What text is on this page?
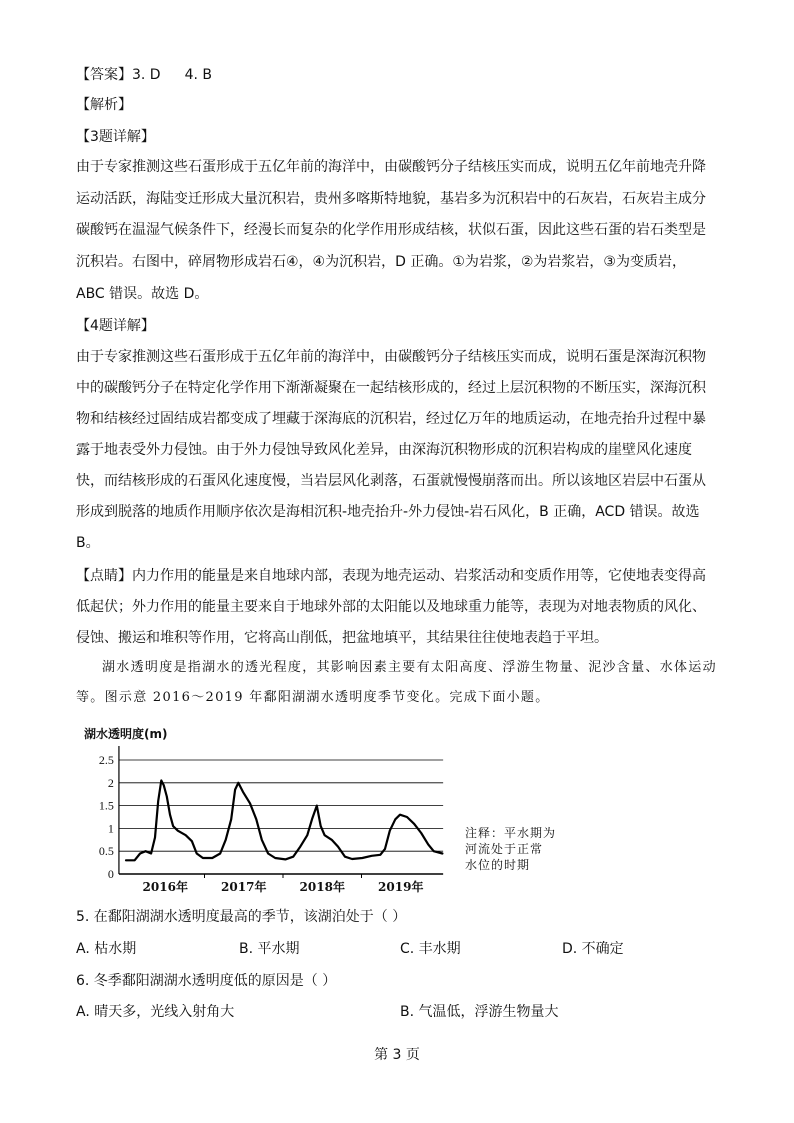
【答案】3. D 4. B
【解析】
【3题详解】
由于专家推测这些石蛋形成于五亿年前的海洋中，由碳酸钙分子结核压实而成，说明五亿年前地壳升降
运动活跃，海陆变迁形成大量沉积岩，贵州多喀斯特地貌，基岩多为沉积岩中的石灰岩，石灰岩主成分
碳酸钙在温湿气候条件下，经漫长而复杂的化学作用形成结核，状似石蛋，因此这些石蛋的岩石类型是
沉积岩。右图中，碎屑物形成岩石④，④为沉积岩，D 正确。①为岩浆，②为岩浆岩，③为变质岩，
ABC 错误。故选 D。
【4题详解】
由于专家推测这些石蛋形成于五亿年前的海洋中，由碳酸钙分子结核压实而成，说明石蛋是深海沉积物
中的碳酸钙分子在特定化学作用下渐渐凝聚在一起结核形成的，经过上层沉积物的不断压实，深海沉积
物和结核经过固结成岩都变成了埋藏于深海底的沉积岩，经过亿万年的地质运动，在地壳抬升过程中暴
露于地表受外力侵蚀。由于外力侵蚀导致风化差异，由深海沉积物形成的沉积岩构成的崖壁风化速度
快，而结核形成的石蛋风化速度慢，当岩层风化剥落，石蛋就慢慢崩落而出。所以该地区岩层中石蛋从
形成到脱落的地质作用顺序依次是海相沉积-地壳抬升-外力侵蚀-岩石风化，B 正确，ACD 错误。故选
B。
【点睛】内力作用的能量是来自地球内部，表现为地壳运动、岩浆活动和变质作用等，它使地表变得高
低起伏；外力作用的能量主要来自于地球外部的太阳能以及地球重力能等，表现为对地表物质的风化、
侵蚀、搬运和堆积等作用，它将高山削低，把盆地填平，其结果往往使地表趋于平坦。
湖水透明度是指湖水的透光程度，其影响因素主要有太阳高度、浮游生物量、泥沙含量、水体运动
等。图示意 2016～2019 年鄱阳湖湖水透明度季节变化。完成下面小题。
0
0.5
1
1.5
2
2.5
2016年	2017年	2018年	2019年
湖水透明度(m)
注释：平水期为
河流处于正常
水位的时期
5. 在鄱阳湖湖水透明度最高的季节，该湖泊处于（ ）
A. 枯水期	B. 平水期	C. 丰水期	D. 不确定
6. 冬季鄱阳湖湖水透明度低的原因是（ ）
A. 晴天多，光线入射角大	B. 气温低，浮游生物量大
第 3 页
